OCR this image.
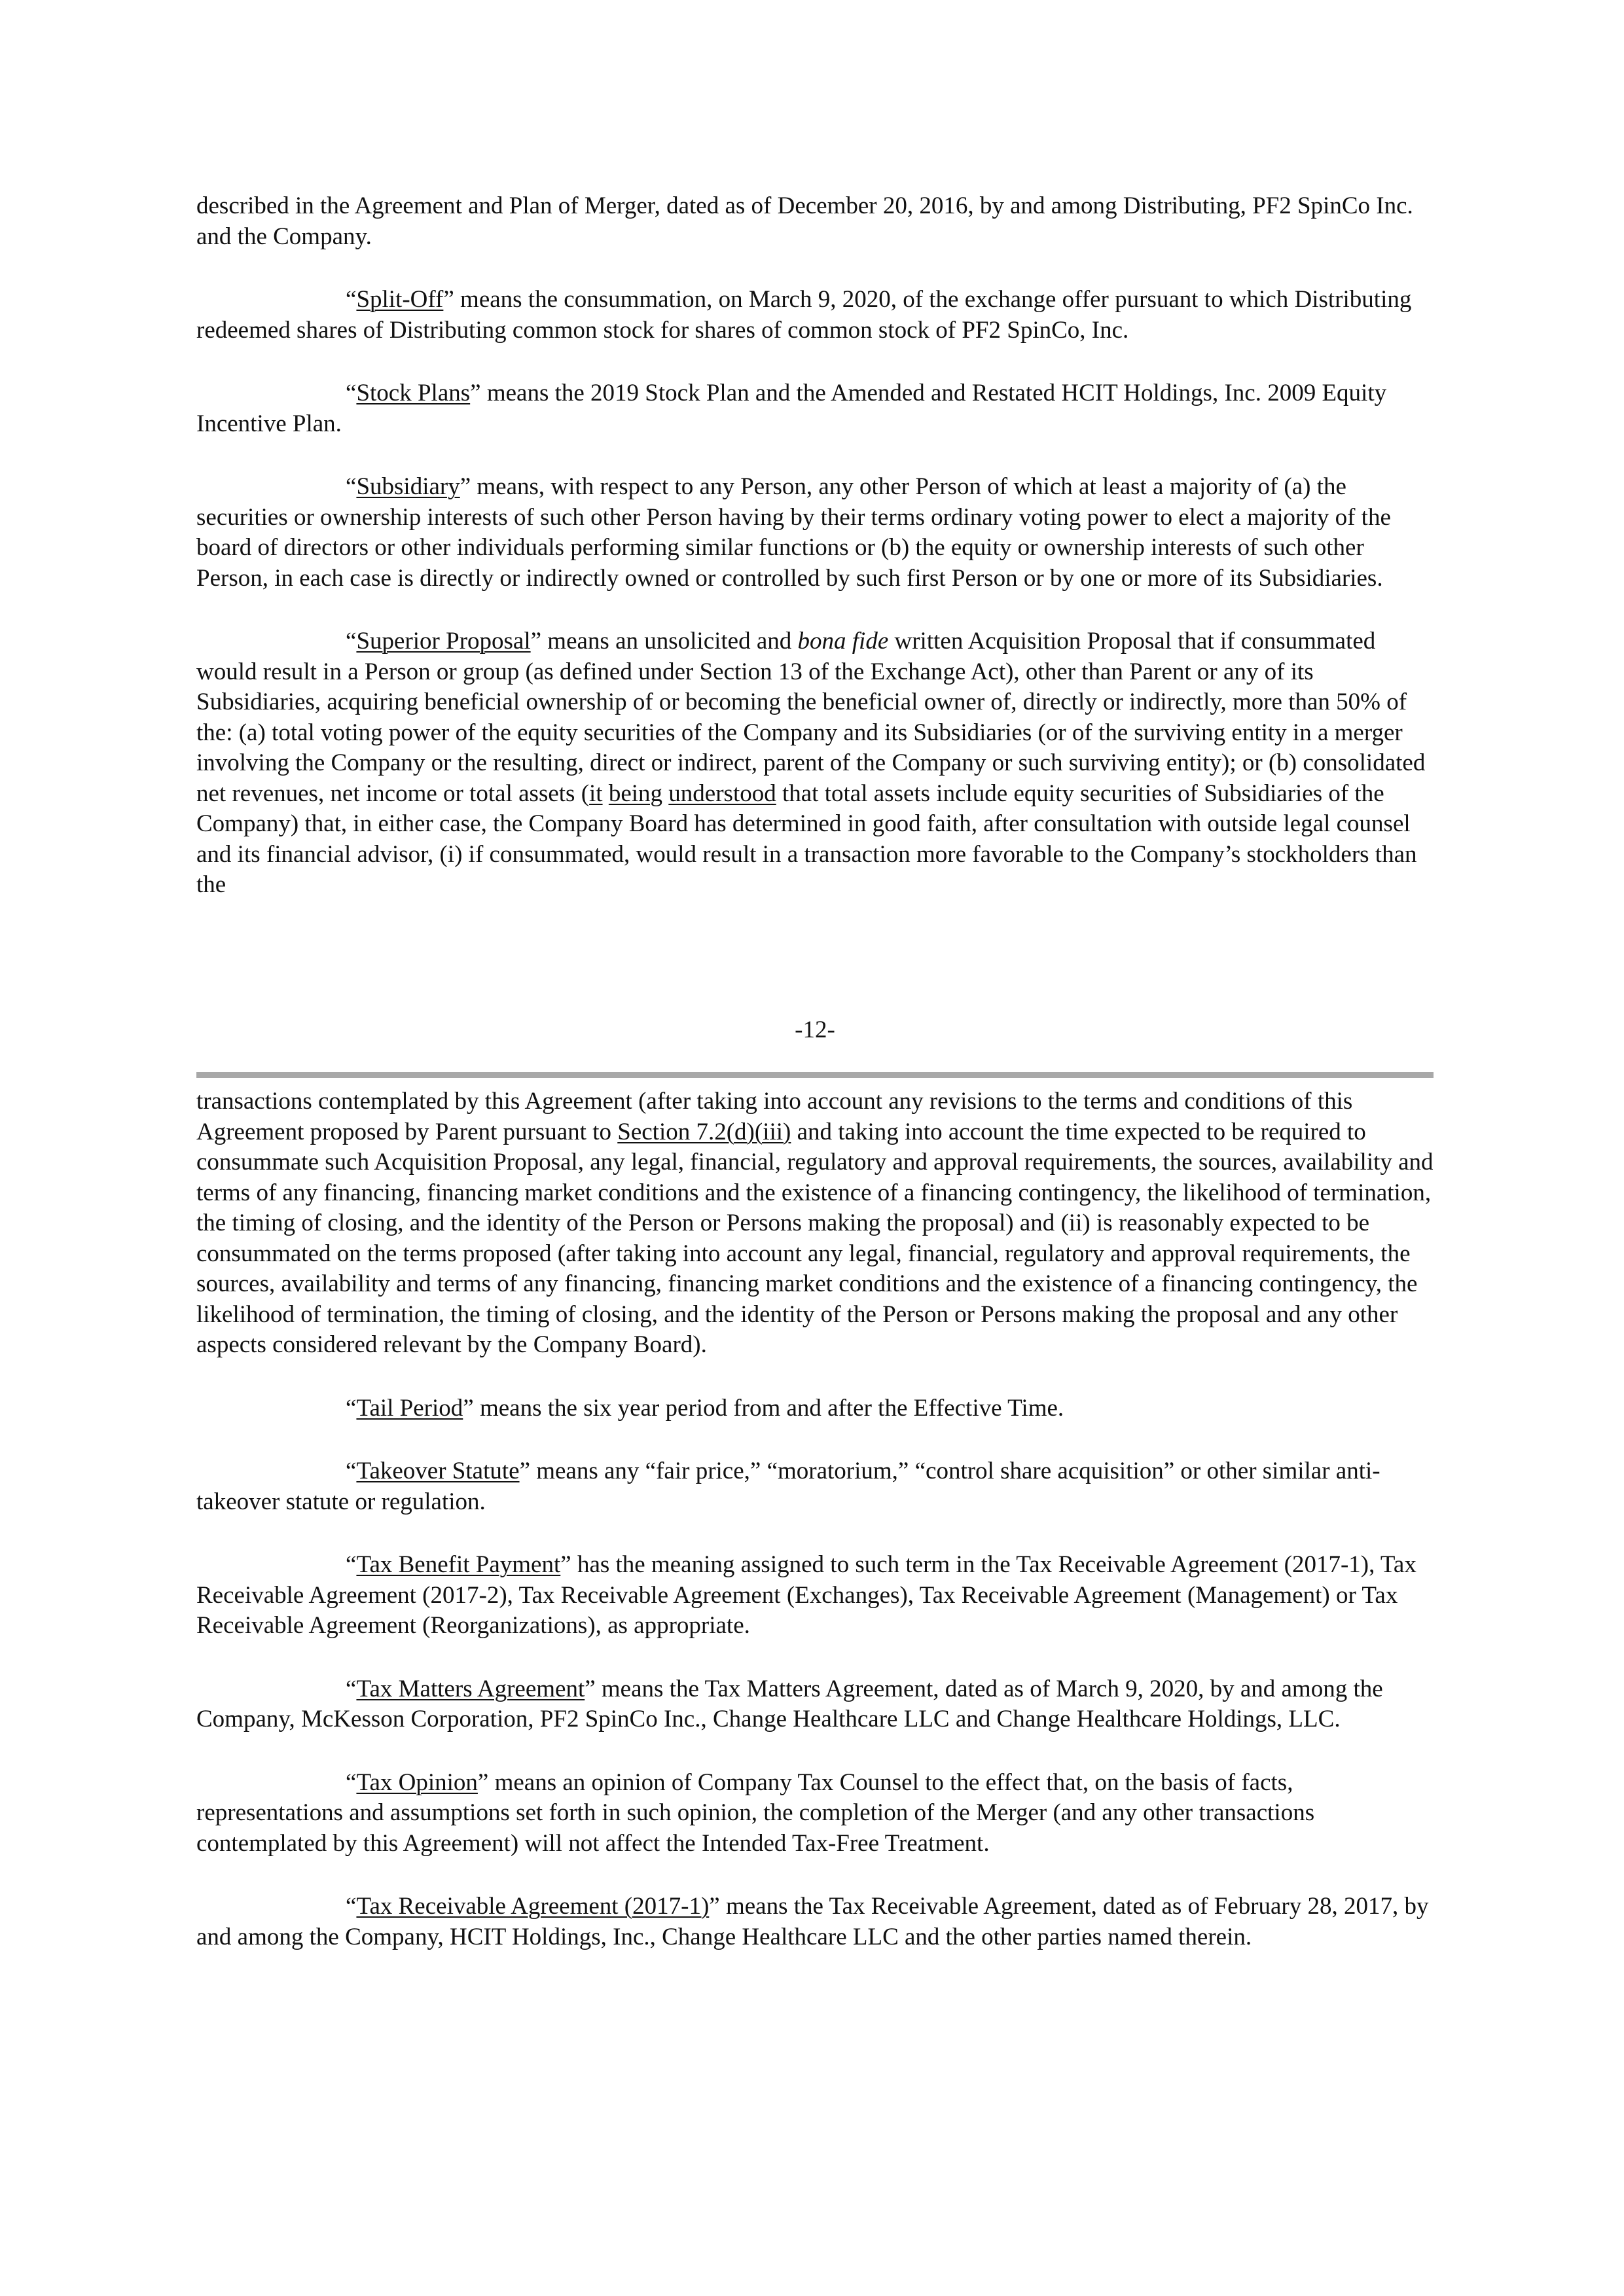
described in the Agreement and Plan of Merger, dated as of December 20, 2016, by and among Distributing, PF2 SpinCo Inc. and the Company.

“Split-Off” means the consummation, on March 9, 2020, of the exchange offer pursuant to which Distributing redeemed shares of Distributing common stock for shares of common stock of PF2 SpinCo, Inc.

“Stock Plans” means the 2019 Stock Plan and the Amended and Restated HCIT Holdings, Inc. 2009 Equity Incentive Plan.

“Subsidiary” means, with respect to any Person, any other Person of which at least a majority of (a) the securities or ownership interests of such other Person having by their terms ordinary voting power to elect a majority of the board of directors or other individuals performing similar functions or (b) the equity or ownership interests of such other Person, in each case is directly or indirectly owned or controlled by such first Person or by one or more of its Subsidiaries.

“Superior Proposal” means an unsolicited and bona fide written Acquisition Proposal that if consummated would result in a Person or group (as defined under Section 13 of the Exchange Act), other than Parent or any of its Subsidiaries, acquiring beneficial ownership of or becoming the beneficial owner of, directly or indirectly, more than 50% of the: (a) total voting power of the equity securities of the Company and its Subsidiaries (or of the surviving entity in a merger involving the Company or the resulting, direct or indirect, parent of the Company or such surviving entity); or (b) consolidated net revenues, net income or total assets (it being understood that total assets include equity securities of Subsidiaries of the Company) that, in either case, the Company Board has determined in good faith, after consultation with outside legal counsel and its financial advisor, (i) if consummated, would result in a transaction more favorable to the Company’s stockholders than the

-12-

transactions contemplated by this Agreement (after taking into account any revisions to the terms and conditions of this Agreement proposed by Parent pursuant to Section 7.2(d)(iii) and taking into account the time expected to be required to consummate such Acquisition Proposal, any legal, financial, regulatory and approval requirements, the sources, availability and terms of any financing, financing market conditions and the existence of a financing contingency, the likelihood of termination, the timing of closing, and the identity of the Person or Persons making the proposal) and (ii) is reasonably expected to be consummated on the terms proposed (after taking into account any legal, financial, regulatory and approval requirements, the sources, availability and terms of any financing, financing market conditions and the existence of a financing contingency, the likelihood of termination, the timing of closing, and the identity of the Person or Persons making the proposal and any other aspects considered relevant by the Company Board).

“Tail Period” means the six year period from and after the Effective Time.

“Takeover Statute” means any “fair price,” “moratorium,” “control share acquisition” or other similar anti-takeover statute or regulation.

“Tax Benefit Payment” has the meaning assigned to such term in the Tax Receivable Agreement (2017-1), Tax Receivable Agreement (2017-2), Tax Receivable Agreement (Exchanges), Tax Receivable Agreement (Management) or Tax Receivable Agreement (Reorganizations), as appropriate.

“Tax Matters Agreement” means the Tax Matters Agreement, dated as of March 9, 2020, by and among the Company, McKesson Corporation, PF2 SpinCo Inc., Change Healthcare LLC and Change Healthcare Holdings, LLC.

“Tax Opinion” means an opinion of Company Tax Counsel to the effect that, on the basis of facts, representations and assumptions set forth in such opinion, the completion of the Merger (and any other transactions contemplated by this Agreement) will not affect the Intended Tax-Free Treatment.

“Tax Receivable Agreement (2017-1)” means the Tax Receivable Agreement, dated as of February 28, 2017, by and among the Company, HCIT Holdings, Inc., Change Healthcare LLC and the other parties named therein.
